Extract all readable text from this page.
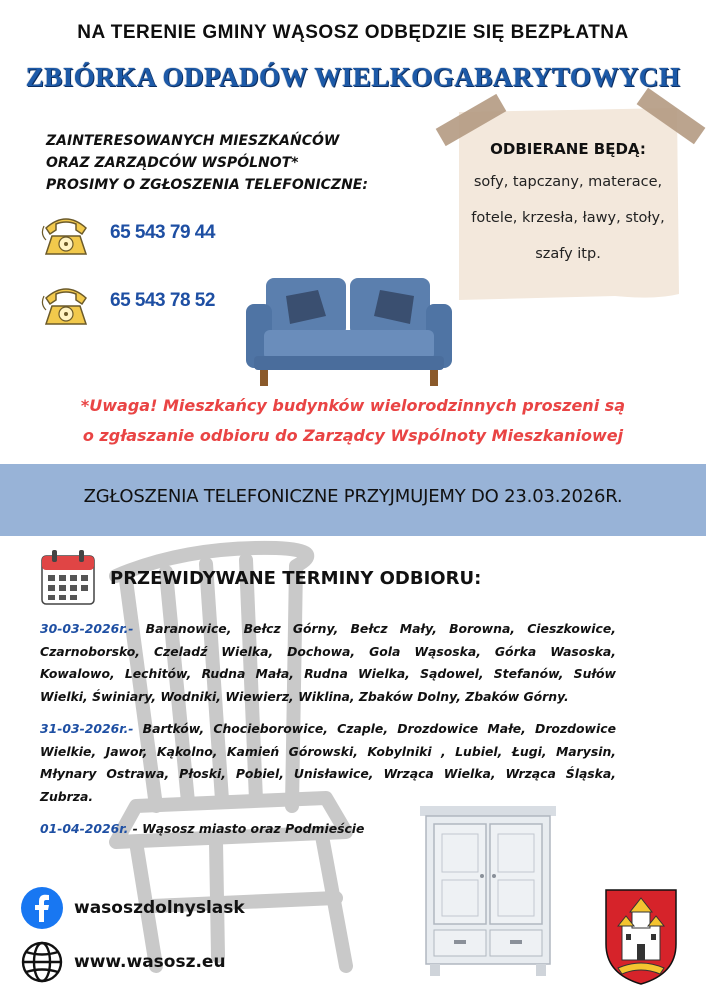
NA TERENIE GMINY WĄSOSZ ODBĘDZIE SIĘ BEZPŁATNA
ZBIÓRKA ODPADÓW WIELKOGABARYTOWYCH
ZAINTERESOWANYCH MIESZKAŃCÓW
ORAZ ZARZĄDCÓW WSPÓLNOT*
PROSIMY O ZGŁOSZENIA TELEFONICZNE:
65 543 79 44
65 543 78 52
ODBIERANE BĘDĄ:
sofy, tapczany, materace,
fotele, krzesła, ławy, stoły,
szafy itp.
*Uwaga! Mieszkańcy budynków wielorodzinnych proszeni są
o zgłaszanie odbioru do Zarządcy Wspólnoty Mieszkaniowej
ZGŁOSZENIA TELEFONICZNE PRZYJMUJEMY DO 23.03.2026R.
PRZEWIDYWANE TERMINY ODBIORU:
30-03-2026r.- Baranowice, Bełcz Górny, Bełcz Mały, Borowna, Cieszkowice, Czarnoborsko, Czeladź Wielka, Dochowa, Gola Wąsoska, Górka Wasoska, Kowalowo, Lechitów, Rudna Mała, Rudna Wielka, Sądowel, Stefanów, Sułów Wielki, Świniary, Wodniki, Wiewierz, Wiklina, Zbaków Dolny, Zbaków Górny.
31-03-2026r.- Bartków, Chocieborowice, Czaple, Drozdowice Małe, Drozdowice Wielkie, Jawor, Kąkolno, Kamień Górowski, Kobylniki , Lubiel, Ługi, Marysin, Młynary Ostrawa, Płoski, Pobiel, Unisławice, Wrząca Wielka, Wrząca Śląska, Zubrza.
01-04-2026r. - Wąsosz miasto oraz Podmieście
wasoszdolnyslask
www.wasosz.eu
